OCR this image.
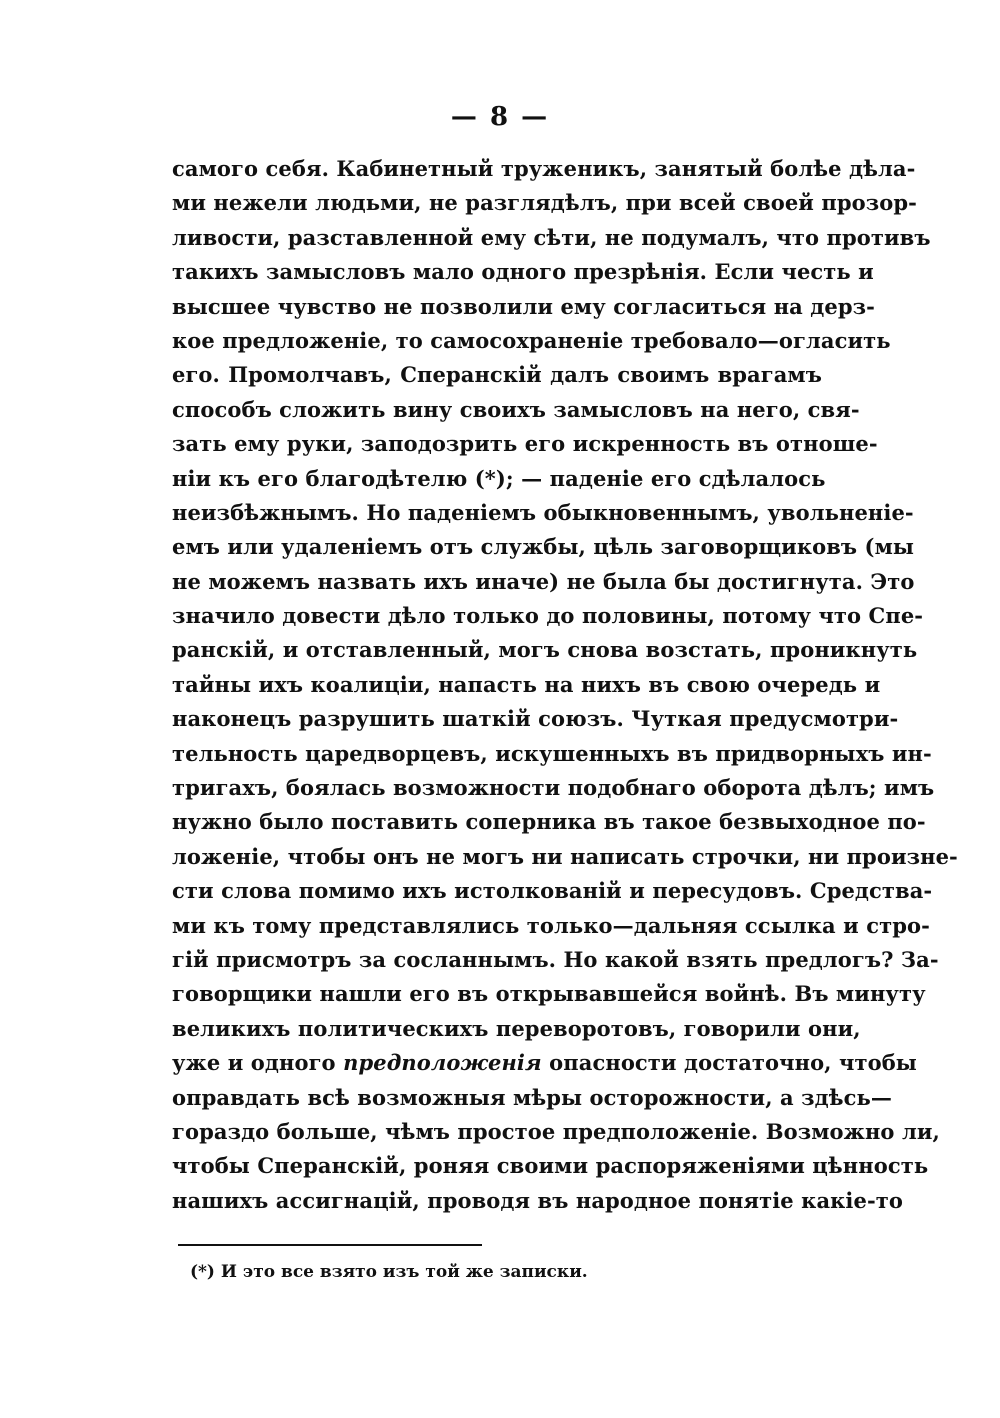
— 8 —
самого себя. Кабинетный труженикъ, занятый болѣе дѣла-
ми нежели людьми, не разглядѣлъ, при всей своей прозор-
ливости, разставленной ему сѣти, не подумалъ, что противъ
такихъ замысловъ мало одного презрѣнія. Если честь и
высшее чувство не позволили ему согласиться на дерз-
кое предложеніе, то самосохраненіе требовало—огласить
его. Промолчавъ, Сперанскій далъ своимъ врагамъ
способъ сложить вину своихъ замысловъ на него, свя-
зать ему руки, заподозрить его искренность въ отноше-
ніи къ его благодѣтелю (*); — паденіе его сдѣлалось
неизбѣжнымъ. Но паденіемъ обыкновеннымъ, увольненіе-
емъ или удаленіемъ отъ службы, цѣль заговорщиковъ (мы
не можемъ назвать ихъ иначе) не была бы достигнута. Это
значило довести дѣло только до половины, потому что Спе-
ранскій, и отставленный, могъ снова возстать, проникнуть
тайны ихъ коалиціи, напасть на нихъ въ свою очередь и
наконецъ разрушить шаткій союзъ. Чуткая предусмотри-
тельность царедворцевъ, искушенныхъ въ придворныхъ ин-
тригахъ, боялась возможности подобнаго оборота дѣлъ; имъ
нужно было поставить соперника въ такое безвыходное по-
ложеніе, чтобы онъ не могъ ни написать строчки, ни произне-
сти слова помимо ихъ истолкованій и пересудовъ. Средства-
ми къ тому представлялись только—дальняя ссылка и стро-
гій присмотръ за сосланнымъ. Но какой взять предлогъ? За-
говорщики нашли его въ открывавшейся войнѣ. Въ минуту
великихъ политическихъ переворотовъ, говорили они,
уже и одного предположенія опасности достаточно, чтобы
оправдать всѣ возможныя мѣры осторожности, а здѣсь—
гораздо больше, чѣмъ простое предположеніе. Возможно ли,
чтобы Сперанскій, роняя своими распоряженіями цѣнность
нашихъ ассигнацій, проводя въ народное понятіе какіе-то
(*) И это все взято изъ той же записки.
